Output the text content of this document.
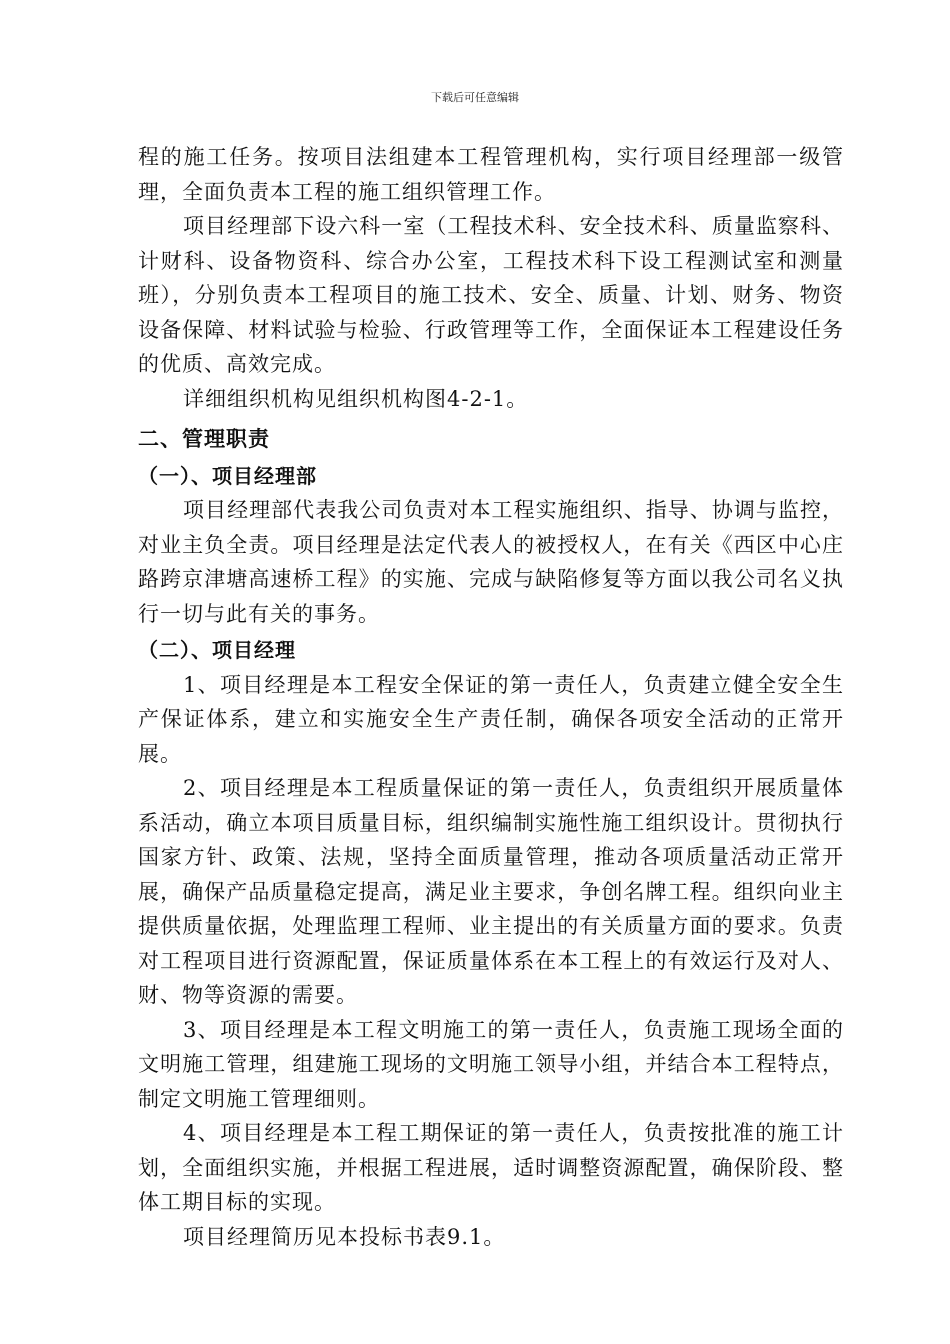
下载后可任意编辑

程的施工任务。按项目法组建本工程管理机构，实行项目经理部一级管理，全面负责本工程的施工组织管理工作。

项目经理部下设六科一室（工程技术科、安全技术科、质量监察科、计财科、设备物资科、综合办公室，工程技术科下设工程测试室和测量班），分别负责本工程项目的施工技术、安全、质量、计划、财务、物资设备保障、材料试验与检验、行政管理等工作，全面保证本工程建设任务的优质、高效完成。

详细组织机构见组织机构图4-2-1。

二、管理职责

（一）、项目经理部

项目经理部代表我公司负责对本工程实施组织、指导、协调与监控，对业主负全责。项目经理是法定代表人的被授权人，在有关《西区中心庄路跨京津塘高速桥工程》的实施、完成与缺陷修复等方面以我公司名义执行一切与此有关的事务。

（二）、项目经理

1、项目经理是本工程安全保证的第一责任人，负责建立健全安全生产保证体系，建立和实施安全生产责任制，确保各项安全活动的正常开展。

2、项目经理是本工程质量保证的第一责任人，负责组织开展质量体系活动，确立本项目质量目标，组织编制实施性施工组织设计。贯彻执行国家方针、政策、法规，坚持全面质量管理，推动各项质量活动正常开展，确保产品质量稳定提高，满足业主要求，争创名牌工程。组织向业主提供质量依据，处理监理工程师、业主提出的有关质量方面的要求。负责对工程项目进行资源配置，保证质量体系在本工程上的有效运行及对人、财、物等资源的需要。

3、项目经理是本工程文明施工的第一责任人，负责施工现场全面的文明施工管理，组建施工现场的文明施工领导小组，并结合本工程特点，制定文明施工管理细则。

4、项目经理是本工程工期保证的第一责任人，负责按批准的施工计划，全面组织实施，并根据工程进展，适时调整资源配置，确保阶段、整体工期目标的实现。

项目经理简历见本投标书表9.1。
